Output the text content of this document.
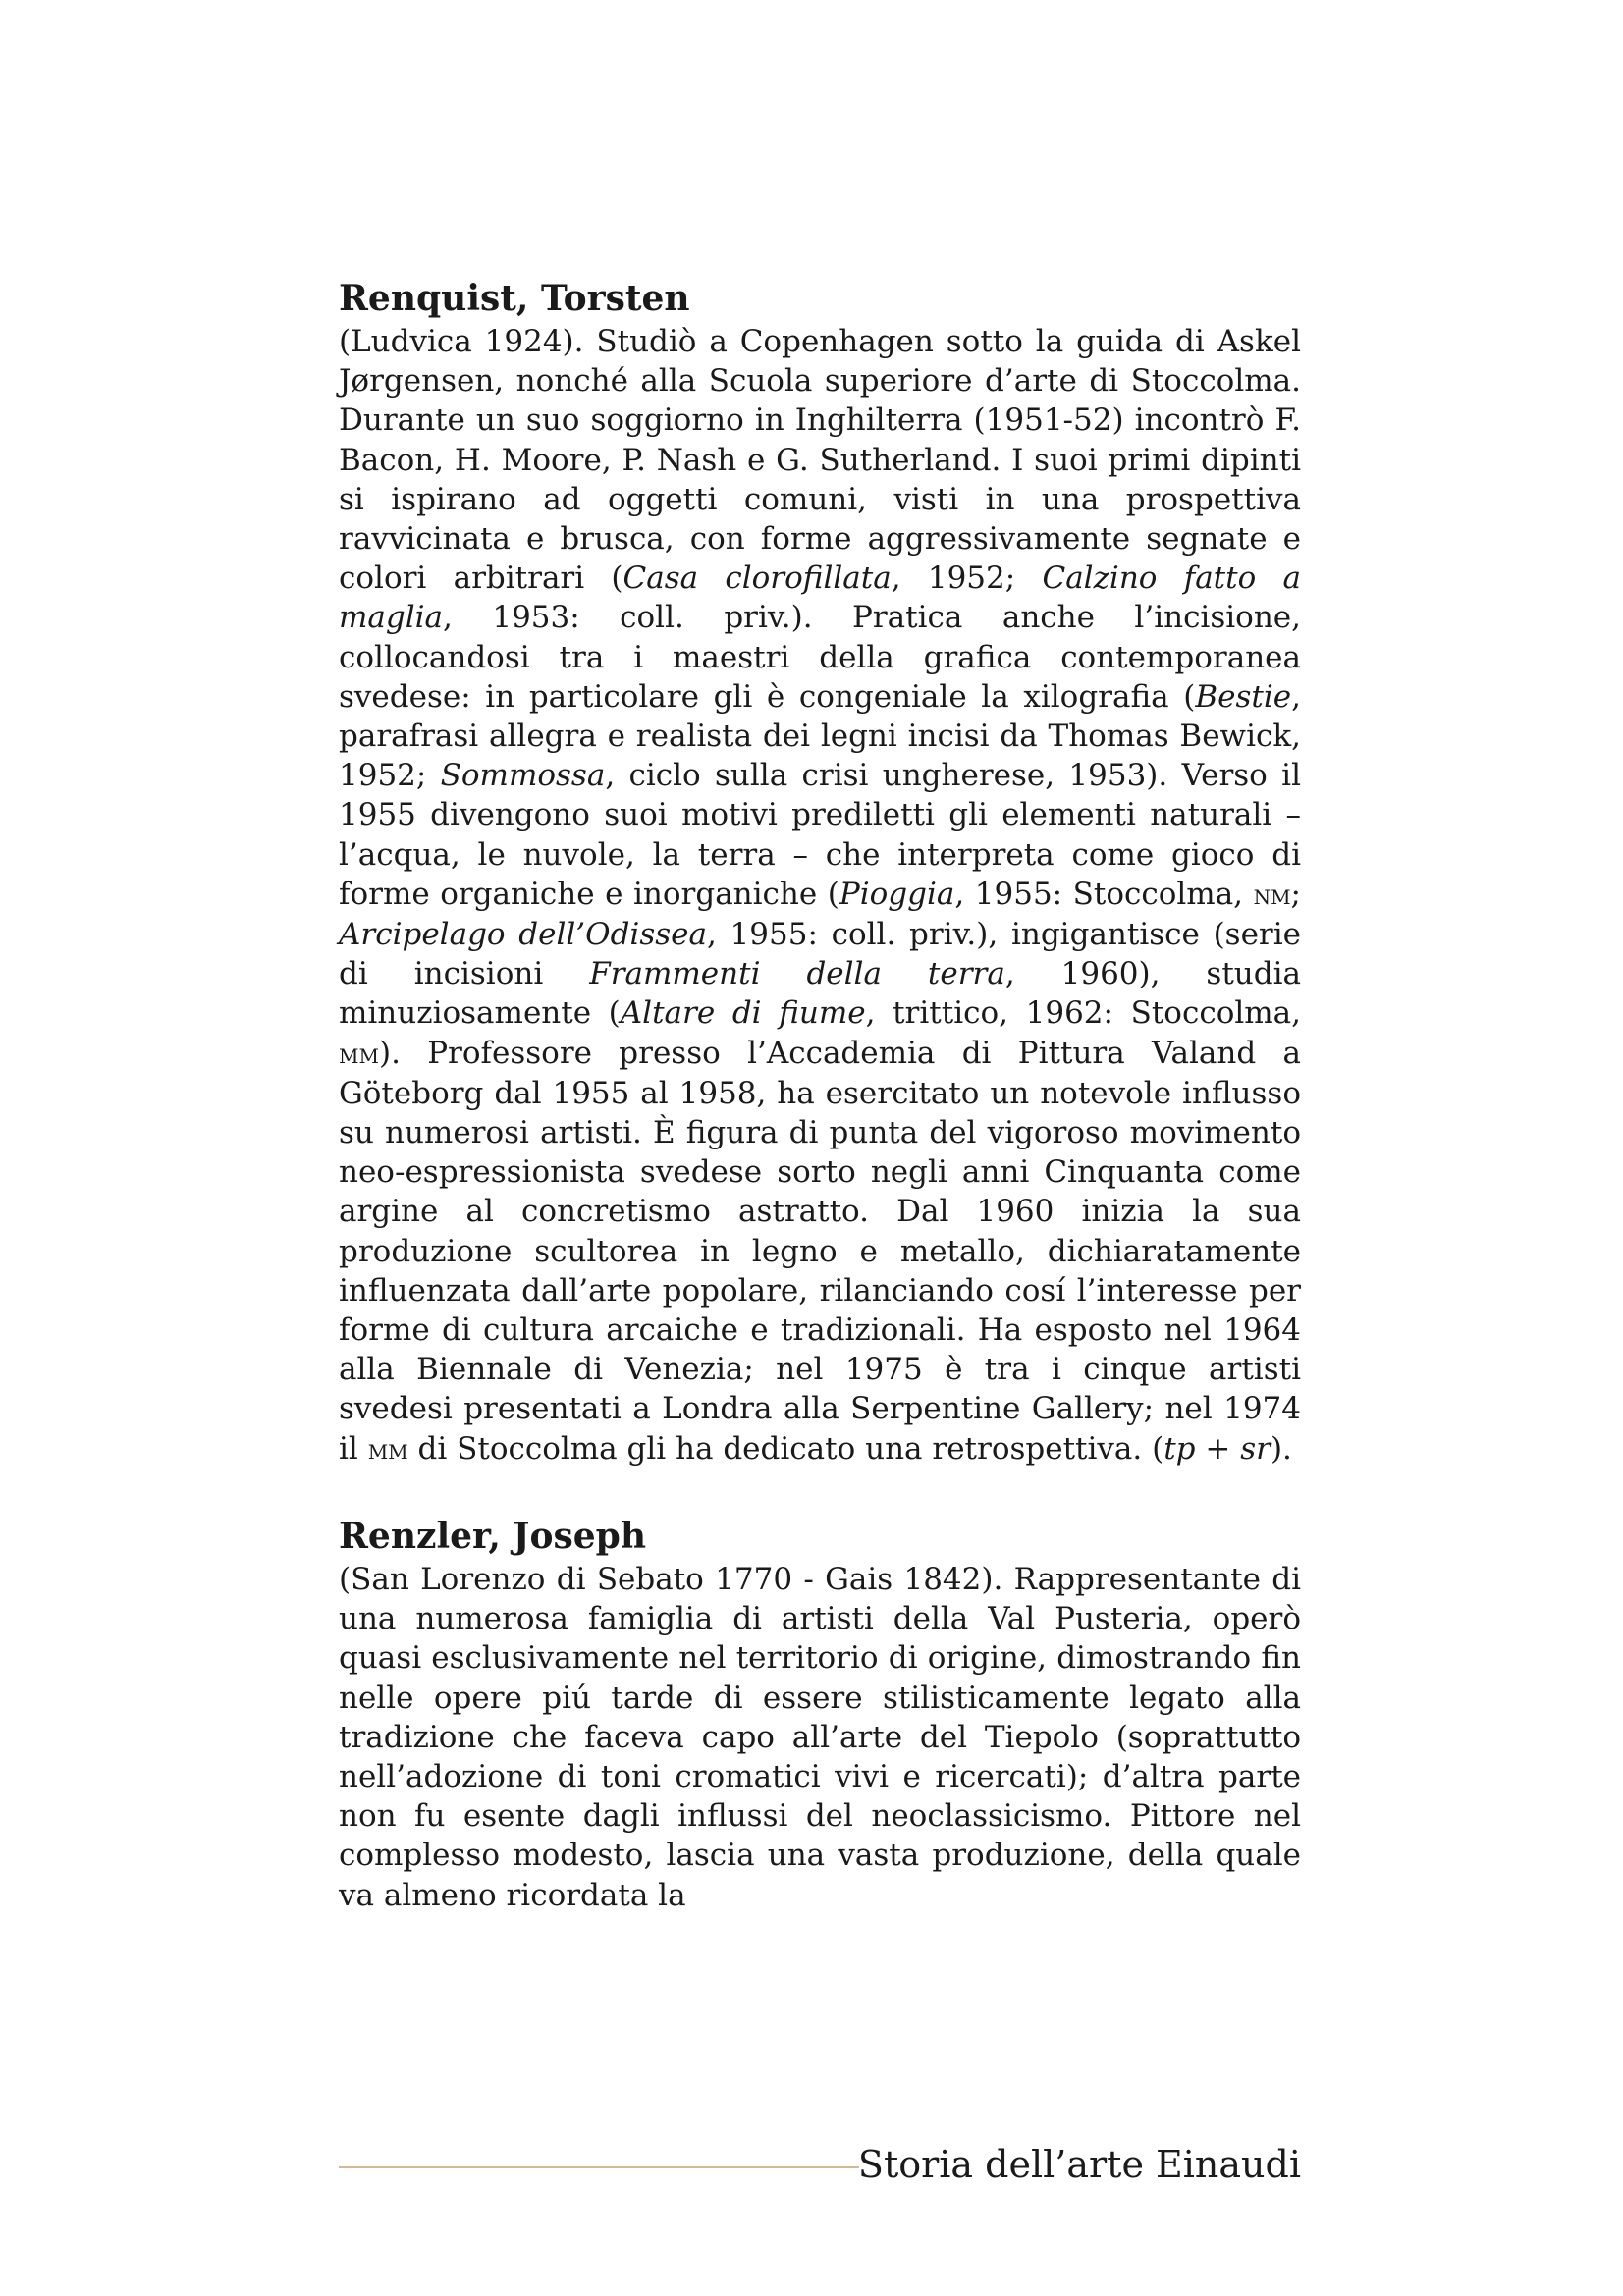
Renquist, Torsten

(Ludvica 1924). Studiò a Copenhagen sotto la guida di Askel Jørgensen, nonché alla Scuola superiore d’arte di Stoccolma. Durante un suo soggiorno in Inghilterra (1951-52) incontrò F. Bacon, H. Moore, P. Nash e G. Sutherland. I suoi primi dipinti si ispirano ad oggetti comuni, visti in una prospettiva ravvicinata e brusca, con forme aggressivamente segnate e colori arbitrari (Casa clorofillata, 1952; Calzino fatto a maglia, 1953: coll. priv.). Pratica anche l’incisione, collocandosi tra i maestri della grafica contemporanea svedese: in particolare gli è congeniale la xilografia (Bestie, parafrasi allegra e realista dei legni incisi da Thomas Bewick, 1952; Sommossa, ciclo sulla crisi ungherese, 1953). Verso il 1955 divengono suoi motivi prediletti gli elementi naturali – l’acqua, le nuvole, la terra – che interpreta come gioco di forme organiche e inorganiche (Pioggia, 1955: Stoccolma, nm; Arcipelago dell’Odissea, 1955: coll. priv.), ingigantisce (serie di incisioni Frammenti della terra, 1960), studia minuziosamente (Altare di fiume, trittico, 1962: Stoccolma, mm). Professore presso l’Accademia di Pittura Valand a Göteborg dal 1955 al 1958, ha esercitato un notevole influsso su numerosi artisti. È figura di punta del vigoroso movimento neo-espressionista svedese sorto negli anni Cinquanta come argine al concretismo astratto. Dal 1960 inizia la sua produzione scultorea in legno e metallo, dichiaratamente influenzata dall’arte popolare, rilanciando cosí l’interesse per forme di cultura arcaiche e tradizionali. Ha esposto nel 1964 alla Biennale di Venezia; nel 1975 è tra i cinque artisti svedesi presentati a Londra alla Serpentine Gallery; nel 1974 il mm di Stoccolma gli ha dedicato una retrospettiva. (tp + sr).

Renzler, Joseph

(San Lorenzo di Sebato 1770 - Gais 1842). Rappresentante di una numerosa famiglia di artisti della Val Pusteria, operò quasi esclusivamente nel territorio di origine, dimostrando fin nelle opere piú tarde di essere stilisticamente legato alla tradizione che faceva capo all’arte del Tiepolo (soprattutto nell’adozione di toni cromatici vivi e ricercati); d’altra parte non fu esente dagli influssi del neoclassicismo. Pittore nel complesso modesto, lascia una vasta produzione, della quale va almeno ricordata la

Storia dell’arte Einaudi
